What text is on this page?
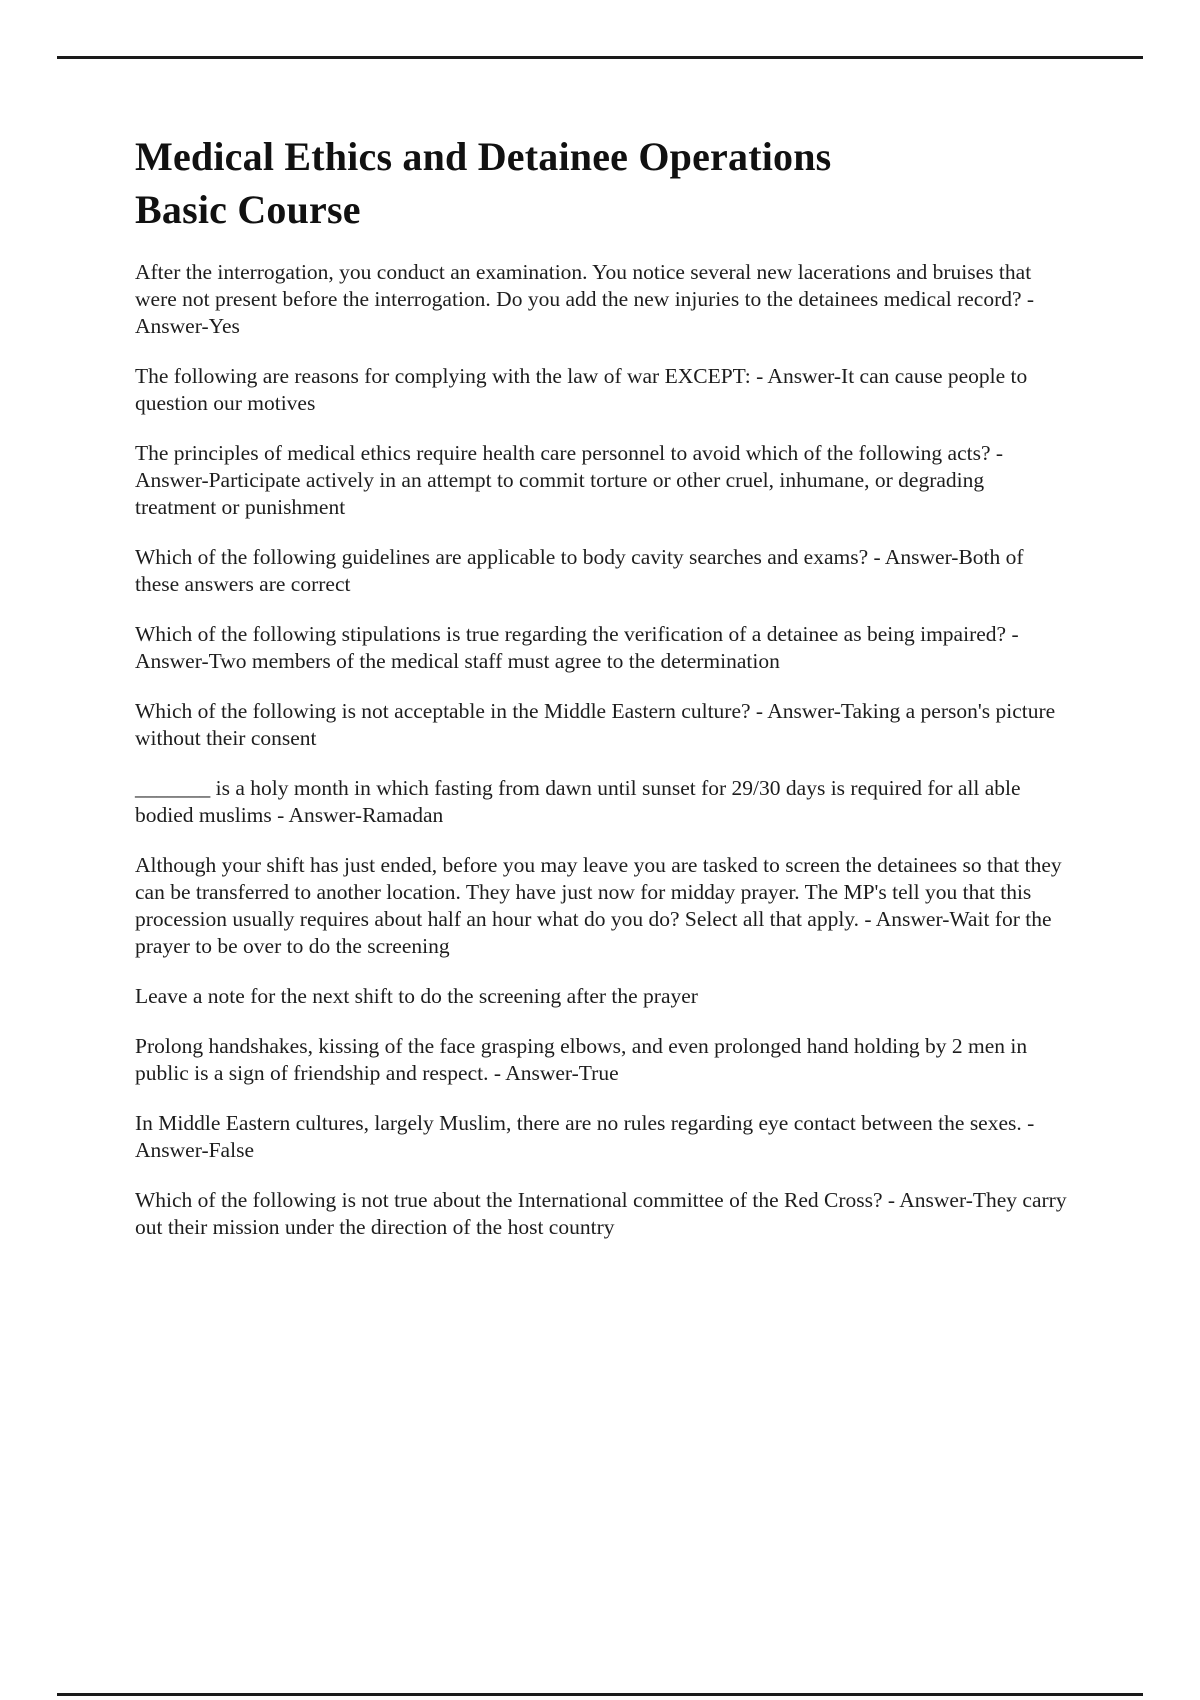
Medical Ethics and Detainee Operations
Basic Course

After the interrogation, you conduct an examination. You notice several new lacerations and bruises that were not present before the interrogation. Do you add the new injuries to the detainees medical record? - Answer-Yes

The following are reasons for complying with the law of war EXCEPT: - Answer-It can cause people to question our motives

The principles of medical ethics require health care personnel to avoid which of the following acts? - Answer-Participate actively in an attempt to commit torture or other cruel, inhumane, or degrading treatment or punishment

Which of the following guidelines are applicable to body cavity searches and exams? - Answer-Both of these answers are correct

Which of the following stipulations is true regarding the verification of a detainee as being impaired? - Answer-Two members of the medical staff must agree to the determination

Which of the following is not acceptable in the Middle Eastern culture? - Answer-Taking a person's picture without their consent

_______ is a holy month in which fasting from dawn until sunset for 29/30 days is required for all able bodied muslims - Answer-Ramadan

Although your shift has just ended, before you may leave you are tasked to screen the detainees so that they can be transferred to another location. They have just now for midday prayer. The MP's tell you that this procession usually requires about half an hour what do you do? Select all that apply. - Answer-Wait for the prayer to be over to do the screening

Leave a note for the next shift to do the screening after the prayer

Prolong handshakes, kissing of the face grasping elbows, and even prolonged hand holding by 2 men in public is a sign of friendship and respect. - Answer-True

In Middle Eastern cultures, largely Muslim, there are no rules regarding eye contact between the sexes. - Answer-False

Which of the following is not true about the International committee of the Red Cross? - Answer-They carry out their mission under the direction of the host country
